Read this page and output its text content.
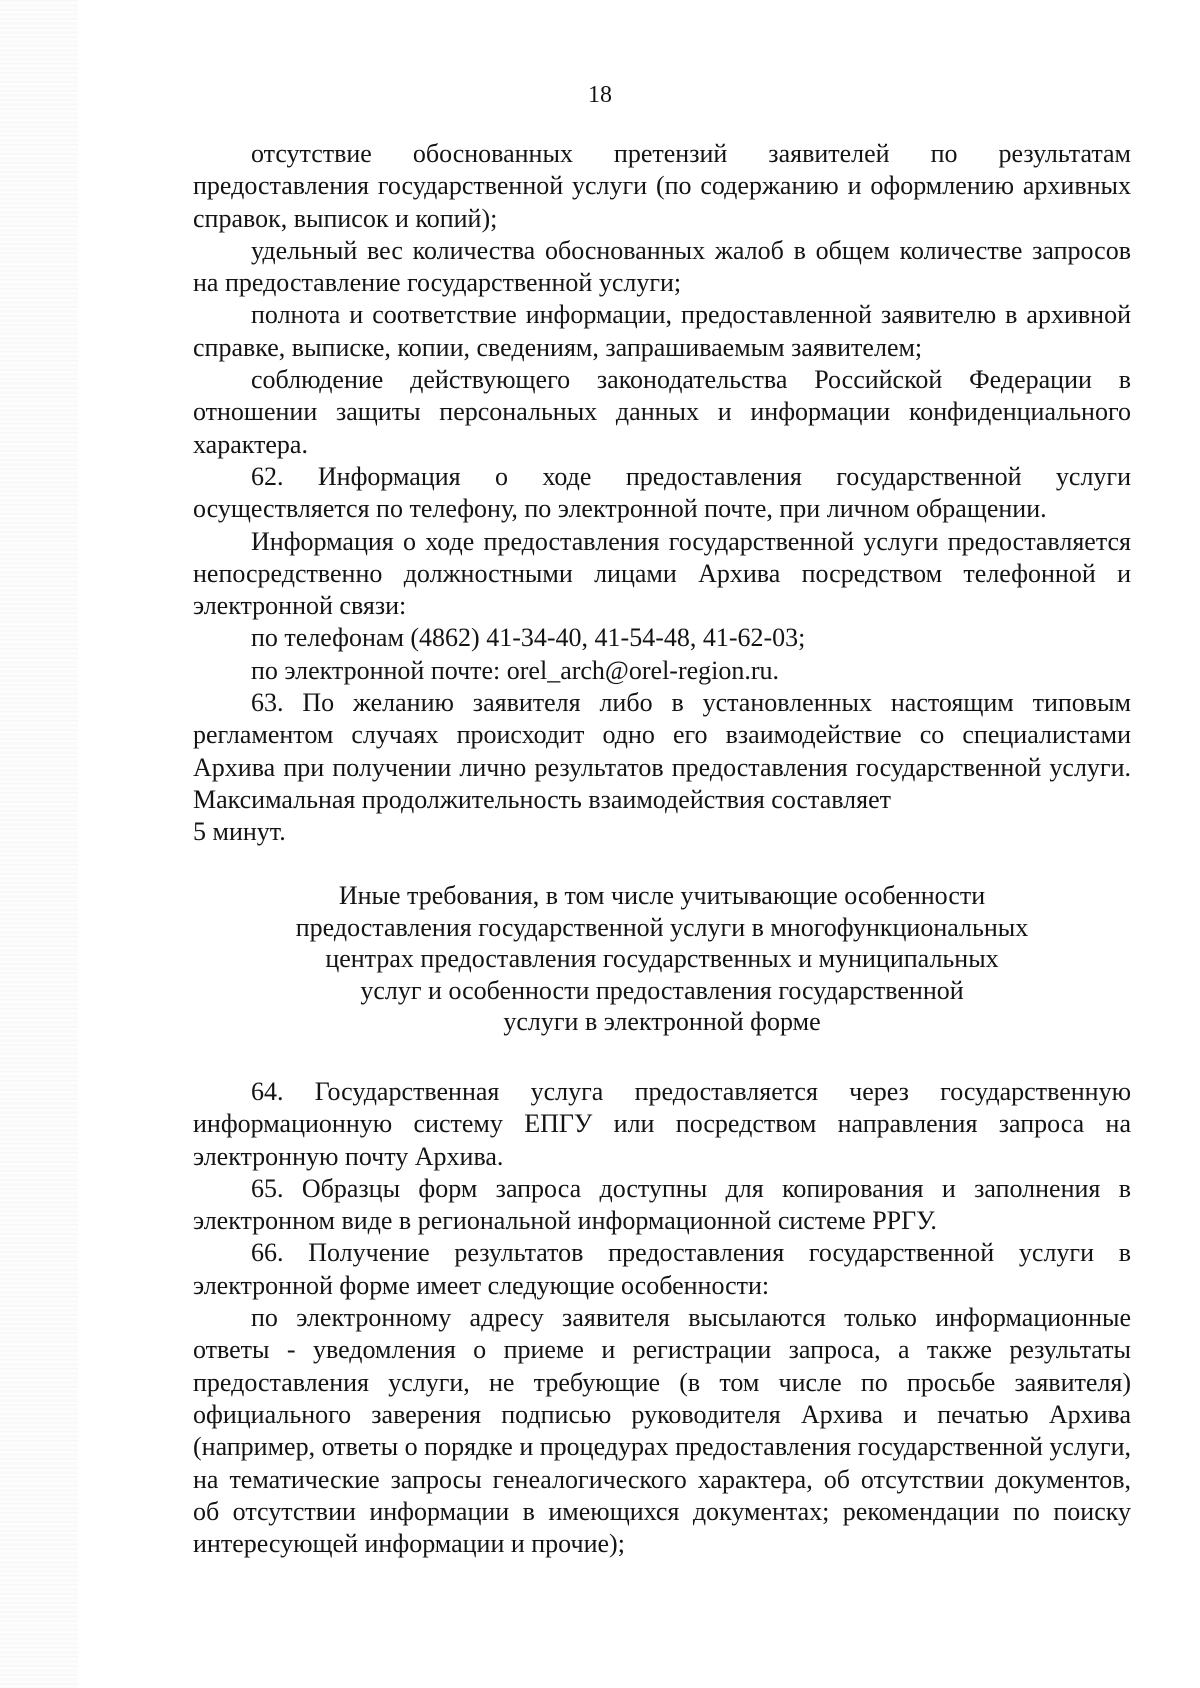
18

отсутствие обоснованных претензий заявителей по результатам предоставления государственной услуги (по содержанию и оформлению архивных справок, выписок и копий);

удельный вес количества обоснованных жалоб в общем количестве запросов на предоставление государственной услуги;

полнота и соответствие информации, предоставленной заявителю в архивной справке, выписке, копии, сведениям, запрашиваемым заявителем;

соблюдение действующего законодательства Российской Федерации в отношении защиты персональных данных и информации конфиденциального характера.

62. Информация о ходе предоставления государственной услуги осуществляется по телефону, по электронной почте, при личном обращении.

Информация о ходе предоставления государственной услуги предоставляется непосредственно должностными лицами Архива посредством телефонной и электронной связи:

по телефонам (4862) 41-34-40, 41-54-48, 41-62-03;

по электронной почте: orel_arch@orel-region.ru.

63. По желанию заявителя либо в установленных настоящим типовым регламентом случаях происходит одно его взаимодействие со специалистами Архива при получении лично результатов предоставления государственной услуги. Максимальная продолжительность взаимодействия составляет

5 минут.

Иные требования, в том числе учитывающие особенности
предоставления государственной услуги в многофункциональных
центрах предоставления государственных и муниципальных
услуг и особенности предоставления государственной
услуги в электронной форме

64. Государственная услуга предоставляется через государственную информационную систему ЕПГУ или посредством направления запроса на электронную почту Архива.

65. Образцы форм запроса доступны для копирования и заполнения в электронном виде в региональной информационной системе РРГУ.

66. Получение результатов предоставления государственной услуги в электронной форме имеет следующие особенности:

по электронному адресу заявителя высылаются только информационные ответы - уведомления о приеме и регистрации запроса, а также результаты предоставления услуги, не требующие (в том числе по просьбе заявителя) официального заверения подписью руководителя Архива и печатью Архива (например, ответы о порядке и процедурах предоставления государственной услуги, на тематические запросы генеалогического характера, об отсутствии документов, об отсутствии информации в имеющихся документах; рекомендации по поиску интересующей информации и прочие);
